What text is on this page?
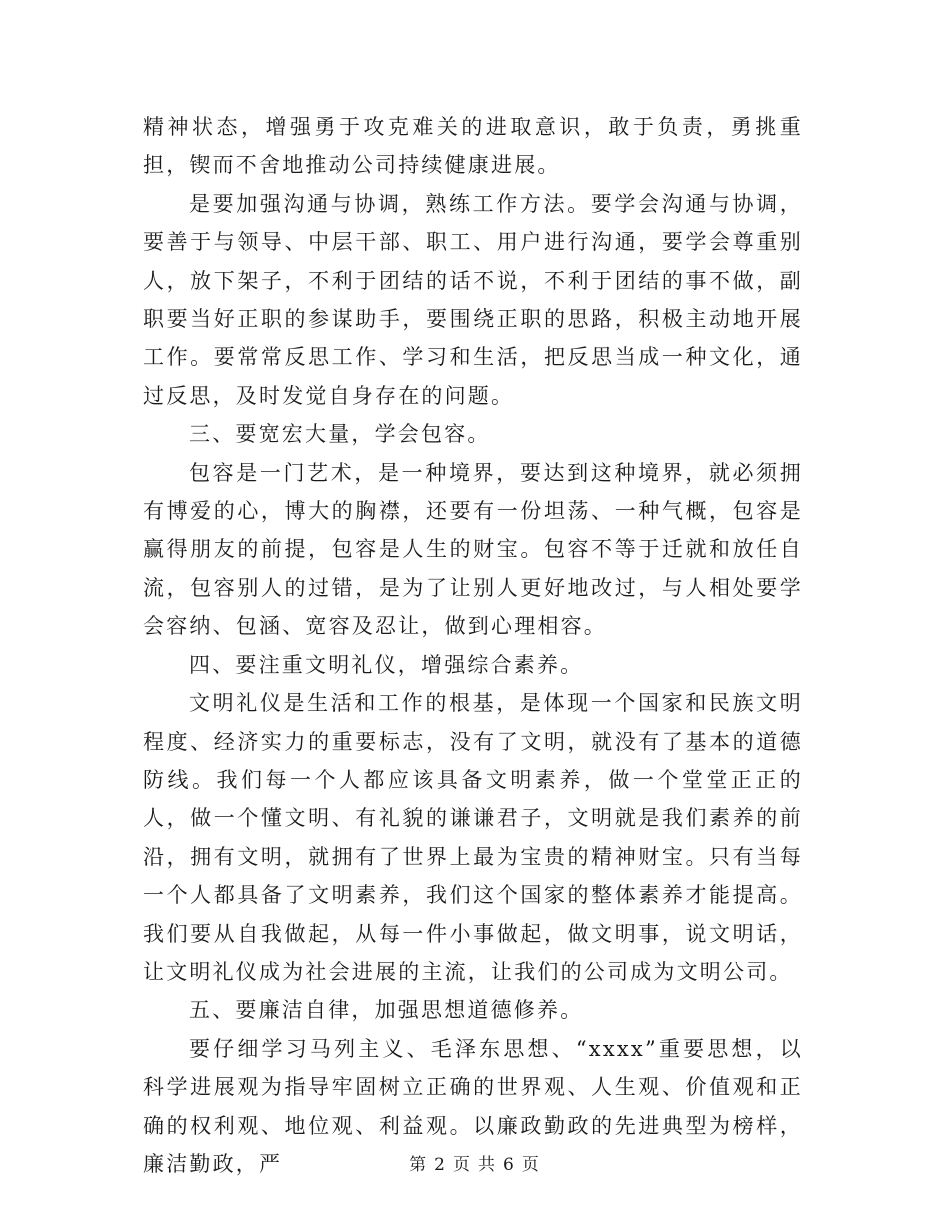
精神状态，增强勇于攻克难关的进取意识，敢于负责，勇挑重担，锲而不舍地推动公司持续健康进展。

是要加强沟通与协调，熟练工作方法。要学会沟通与协调，要善于与领导、中层干部、职工、用户进行沟通，要学会尊重别人，放下架子，不利于团结的话不说，不利于团结的事不做，副职要当好正职的参谋助手，要围绕正职的思路，积极主动地开展工作。要常常反思工作、学习和生活，把反思当成一种文化，通过反思，及时发觉自身存在的问题。

三、要宽宏大量，学会包容。

包容是一门艺术，是一种境界，要达到这种境界，就必须拥有博爱的心，博大的胸襟，还要有一份坦荡、一种气概，包容是赢得朋友的前提，包容是人生的财宝。包容不等于迁就和放任自流，包容别人的过错，是为了让别人更好地改过，与人相处要学会容纳、包涵、宽容及忍让，做到心理相容。

四、要注重文明礼仪，增强综合素养。

文明礼仪是生活和工作的根基，是体现一个国家和民族文明程度、经济实力的重要标志，没有了文明，就没有了基本的道德防线。我们每一个人都应该具备文明素养，做一个堂堂正正的人，做一个懂文明、有礼貌的谦谦君子，文明就是我们素养的前沿，拥有文明，就拥有了世界上最为宝贵的精神财宝。只有当每一个人都具备了文明素养，我们这个国家的整体素养才能提高。我们要从自我做起，从每一件小事做起，做文明事，说文明话，让文明礼仪成为社会进展的主流，让我们的公司成为文明公司。

五、要廉洁自律，加强思想道德修养。

要仔细学习马列主义、毛泽东思想、“xxxx”重要思想，以科学进展观为指导牢固树立正确的世界观、人生观、价值观和正确的权利观、地位观、利益观。以廉政勤政的先进典型为榜样，廉洁勤政，严	第 2 页 共 6 页
